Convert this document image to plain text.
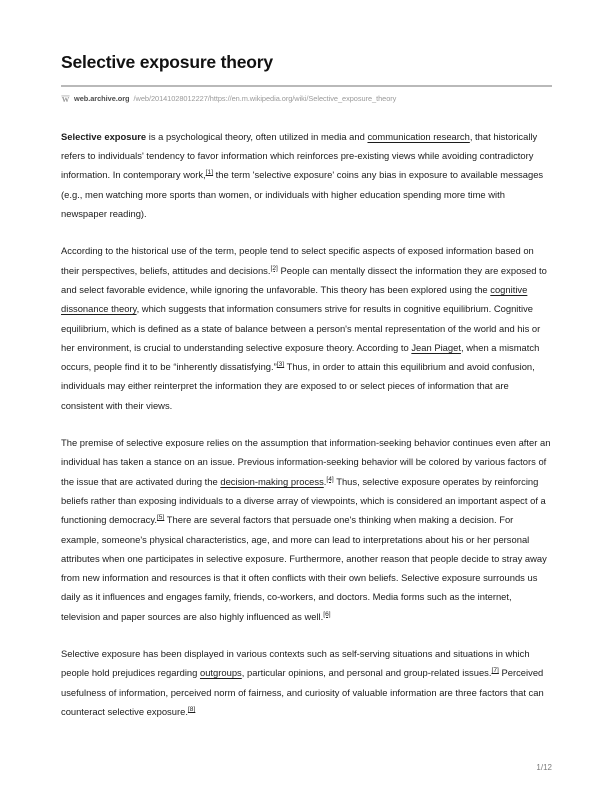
Selective exposure theory
W web.archive.org /web/20141028012227/https://en.m.wikipedia.org/wiki/Selective_exposure_theory

Selective exposure is a psychological theory, often utilized in media and communication research, that historically refers to individuals' tendency to favor information which reinforces pre-existing views while avoiding contradictory information. In contemporary work,[1] the term 'selective exposure' coins any bias in exposure to available messages (e.g., men watching more sports than women, or individuals with higher education spending more time with newspaper reading).

According to the historical use of the term, people tend to select specific aspects of exposed information based on their perspectives, beliefs, attitudes and decisions.[2] People can mentally dissect the information they are exposed to and select favorable evidence, while ignoring the unfavorable. This theory has been explored using the cognitive dissonance theory, which suggests that information consumers strive for results in cognitive equilibrium. Cognitive equilibrium, which is defined as a state of balance between a person's mental representation of the world and his or her environment, is crucial to understanding selective exposure theory. According to Jean Piaget, when a mismatch occurs, people find it to be “inherently dissatisfying.”[3] Thus, in order to attain this equilibrium and avoid confusion, individuals may either reinterpret the information they are exposed to or select pieces of information that are consistent with their views.

The premise of selective exposure relies on the assumption that information-seeking behavior continues even after an individual has taken a stance on an issue. Previous information-seeking behavior will be colored by various factors of the issue that are activated during the decision-making process.[4] Thus, selective exposure operates by reinforcing beliefs rather than exposing individuals to a diverse array of viewpoints, which is considered an important aspect of a functioning democracy.[5] There are several factors that persuade one's thinking when making a decision. For example, someone's physical characteristics, age, and more can lead to interpretations about his or her personal attributes when one participates in selective exposure. Furthermore, another reason that people decide to stray away from new information and resources is that it often conflicts with their own beliefs. Selective exposure surrounds us daily as it influences and engages family, friends, co-workers, and doctors. Media forms such as the internet, television and paper sources are also highly influenced as well.[6]

Selective exposure has been displayed in various contexts such as self-serving situations and situations in which people hold prejudices regarding outgroups, particular opinions, and personal and group-related issues.[7] Perceived usefulness of information, perceived norm of fairness, and curiosity of valuable information are three factors that can counteract selective exposure.[8]

1/12
